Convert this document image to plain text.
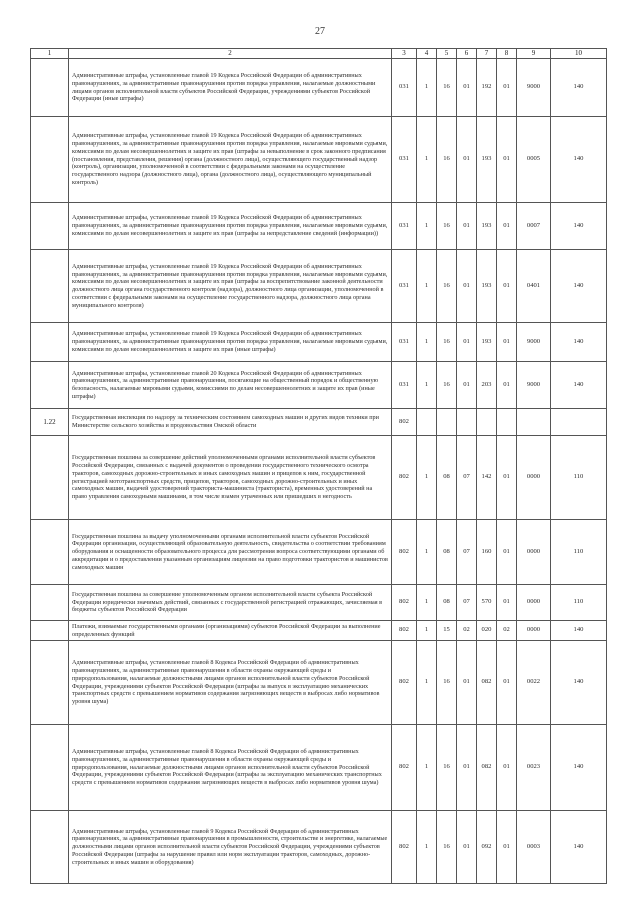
27
1	2	3	4	5	6	7	8	9	10
	Административные штрафы, установленные главой 19 Кодекса Российской Федерации об административных правонарушениях, за административные правонарушения против порядка управления, налагаемые должностными лицами органов исполнительной власти субъектов Российской Федерации, учреждениями субъектов Российской Федерации (иные штрафы)	031	1	16	01	192	01	9000	140
	Административные штрафы, установленные главой 19 Кодекса Российской Федерации об административных правонарушениях, за административные правонарушения против порядка управления, налагаемые мировыми судьями, комиссиями по делам несовершеннолетних и защите их прав (штрафы за невыполнение в срок законного предписания (постановления, представления, решения) органа (должностного лица), осуществляющего государственный надзор (контроль), организации, уполномоченной в соответствии с федеральными законами на осуществление государственного надзора (должностного лица), органа (должностного лица), осуществляющего муниципальный контроль)	031	1	16	01	193	01	0005	140
	Административные штрафы, установленные главой 19 Кодекса Российской Федерации об административных правонарушениях, за административные правонарушения против порядка управления, налагаемые мировыми судьями, комиссиями по делам несовершеннолетних и защите их прав (штрафы за непредставление сведений (информации))	031	1	16	01	193	01	0007	140
	Административные штрафы, установленные главой 19 Кодекса Российской Федерации об административных правонарушениях, за административные правонарушения против порядка управления, налагаемые мировыми судьями, комиссиями по делам несовершеннолетних и защите их прав (штрафы за воспрепятствование законной деятельности должностного лица органа государственного контроля (надзора), должностного лица организации, уполномоченной в соответствии с федеральными законами на осуществление государственного надзора, должностного лица органа муниципального контроля)	031	1	16	01	193	01	0401	140
	Административные штрафы, установленные главой 19 Кодекса Российской Федерации об административных правонарушениях, за административные правонарушения против порядка управления, налагаемые мировыми судьями, комиссиями по делам несовершеннолетних и защите их прав (иные штрафы)	031	1	16	01	193	01	9000	140
	Административные штрафы, установленные главой 20 Кодекса Российской Федерации об административных правонарушениях, за административные правонарушения, посягающие на общественный порядок и общественную безопасность, налагаемые мировыми судьями, комиссиями по делам несовершеннолетних и защите их прав (иные штрафы)	031	1	16	01	203	01	9000	140
1.22	Государственная инспекция по надзору за техническим состоянием самоходных машин и других видов техники при Министерстве сельского хозяйства и продовольствия Омской области	802							
	Государственная пошлина за совершение действий уполномоченными органами исполнительной власти субъектов Российской Федерации, связанных с выдачей документов о проведении государственного технического осмотра тракторов, самоходных дорожно-строительных и иных самоходных машин и прицепов к ним, государственной регистрацией мототранспортных средств, прицепов, тракторов, самоходных дорожно-строительных и иных самоходных машин, выдачей удостоверений тракториста-машиниста (тракториста), временных удостоверений на право управления самоходными машинами, в том числе взамен утраченных или пришедших в негодность	802	1	08	07	142	01	0000	110
	Государственная пошлина за выдачу уполномоченными органами исполнительной власти субъектов Российской Федерации организации, осуществляющей образовательную деятельность, свидетельства о соответствии требованиям оборудования и оснащенности образовательного процесса для рассмотрения вопроса соответствующими органами об аккредитации и о предоставлении указанным организациям лицензии на право подготовки трактористов и машинистов самоходных машин	802	1	08	07	160	01	0000	110
	Государственная пошлина за совершение уполномоченным органом исполнительной власти субъекта Российской Федерации юридически значимых действий, связанных с государственной регистрацией отражающих, зачисляемая в бюджеты субъектов Российской Федерации	802	1	08	07	570	01	0000	110
	Платежи, взимаемые государственными органами (организациями) субъектов Российской Федерации за выполнение определенных функций	802	1	15	02	020	02	0000	140
	Административные штрафы, установленные главой 8 Кодекса Российской Федерации об административных правонарушениях, за административные правонарушения в области охраны окружающей среды и природопользования, налагаемые должностными лицами органов исполнительной власти субъектов Российской Федерации, учреждениями субъектов Российской Федерации (штрафы за выпуск в эксплуатацию механических транспортных средств с превышением нормативов содержания загрязняющих веществ в выбросах либо нормативов уровня шума)	802	1	16	01	082	01	0022	140
	Административные штрафы, установленные главой 8 Кодекса Российской Федерации об административных правонарушениях, за административные правонарушения в области охраны окружающей среды и природопользования, налагаемые должностными лицами органов исполнительной власти субъектов Российской Федерации, учреждениями субъектов Российской Федерации (штрафы за эксплуатацию механических транспортных средств с превышением нормативов содержания загрязняющих веществ в выбросах либо нормативов уровня шума)	802	1	16	01	082	01	0023	140
	Административные штрафы, установленные главой 9 Кодекса Российской Федерации об административных правонарушениях, за административные правонарушения в промышленности, строительстве и энергетике, налагаемые должностными лицами органов исполнительной власти субъектов Российской Федерации, учреждениями субъектов Российской Федерации (штрафы за нарушение правил или норм эксплуатации тракторов, самоходных, дорожно-строительных и иных машин и оборудования)	802	1	16	01	092	01	0003	140
